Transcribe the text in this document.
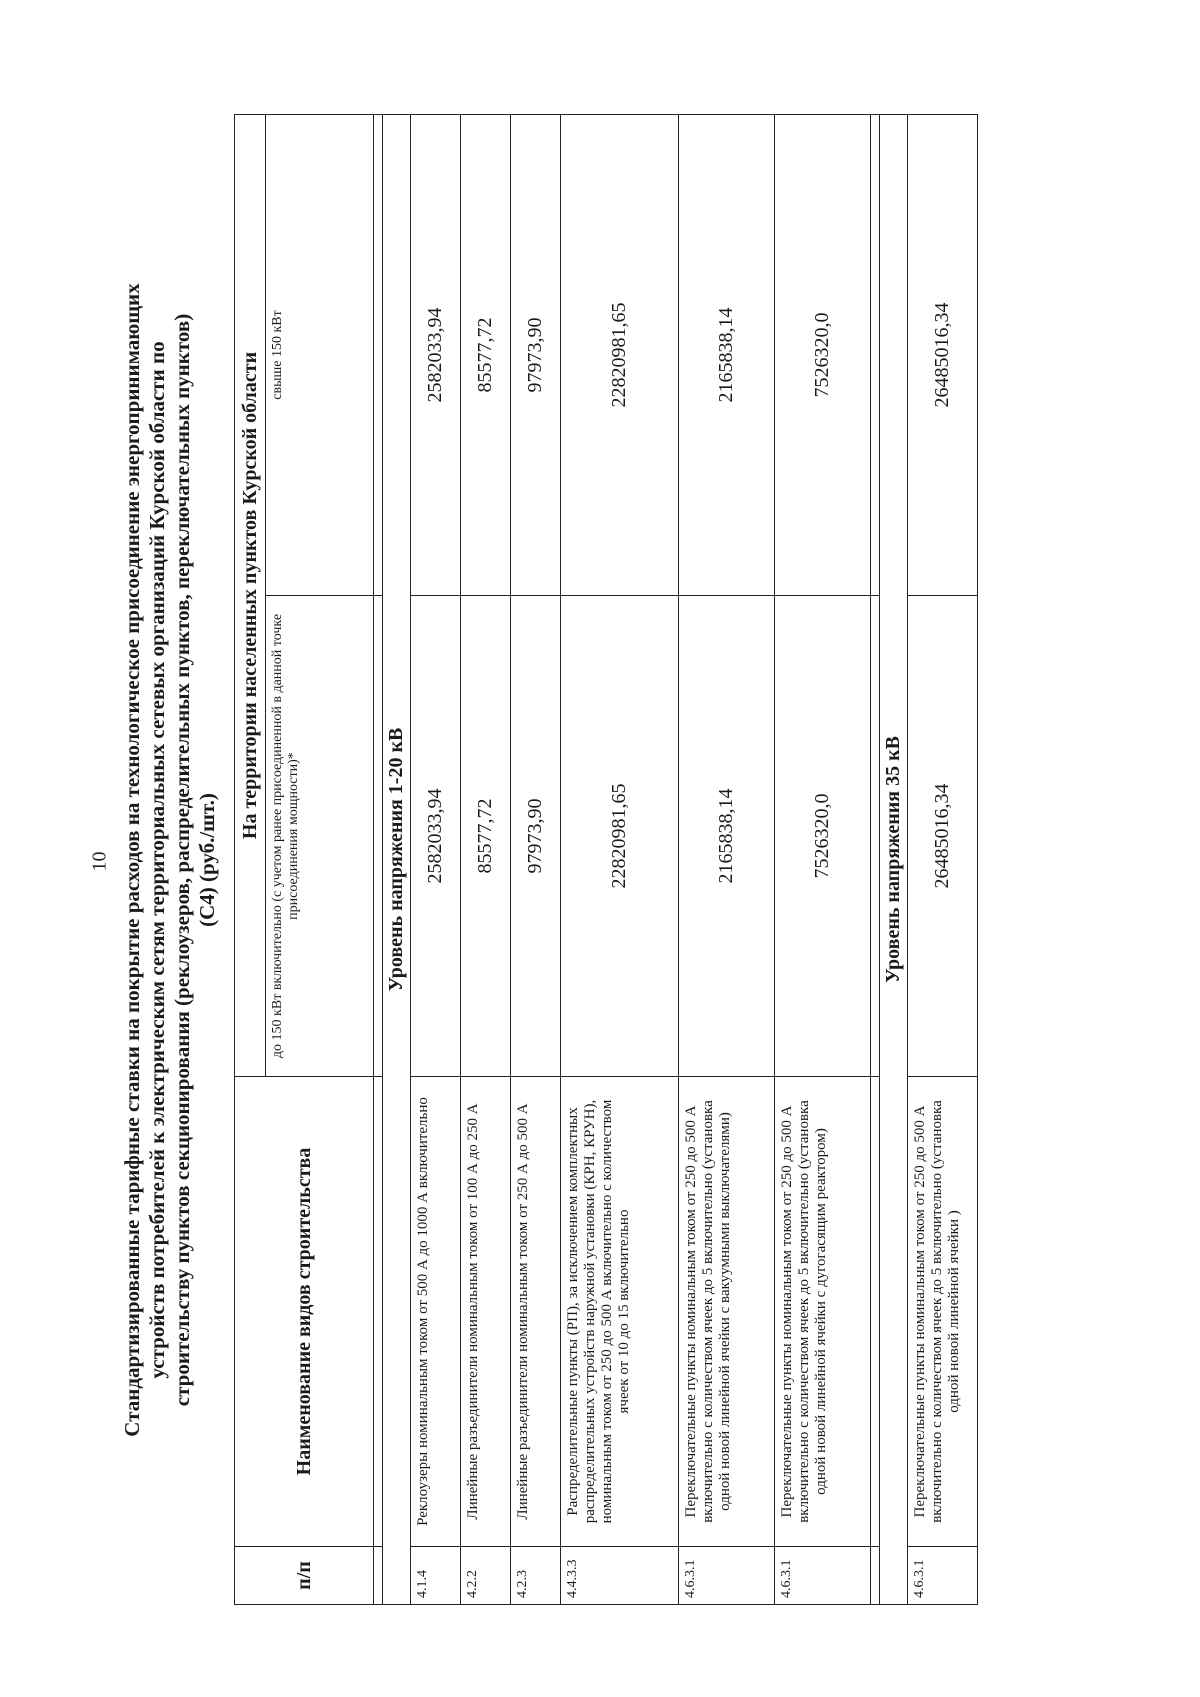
10 Стандартизированные тарифные ставки на покрытие расходов на технологическое присоединение энергопринимающих устройств потребителей к электрическим сетям территориальных сетевых организаций Курской области по строительству пунктов секционирования (реклоузеров, распределительных пунктов, переключательных пунктов) (С4) (руб./шт.)
п/п	Наименование видов строительства	На территории населенных пунктов Курской области	
		до 150 кВт включительно (с учетом ранее присоединенной в данной точке присоединения мощности)*	свыше 150 кВт

Уровень напряжения 1-20 кВ			
4.1.4	Реклоузеры номинальным током от 500 А до 1000 А включительно	2582033,94	2582033,94
4.2.2	Линейные разъединители номинальным током от 100 А до 250 А	85577,72	85577,72
4.2.3	Линейные разъединители номинальным током от 250 А до 500 А	97973,90	97973,90
4.4.3.3	Распределительные пункты (РП), за исключением комплектных распределительных устройств наружной установки (КРН, КРУН), номинальным током от 250 до 500 А включительно с количеством ячеек от 10 до 15 включительно	22820981,65	22820981,65
4.6.3.1	Переключательные пункты номинальным током от 250 до 500 А включительно с количеством ячеек до 5 включительно (установка одной новой линейной ячейки с вакуумными выключателями)	2165838,14	2165838,14
4.6.3.1	Переключательные пункты номинальным током от 250 до 500 А включительно с количеством ячеек до 5 включительно (установка одной новой линейной ячейки с дугогасящим реактором)	7526320,0	7526320,0

Уровень напряжения 35 кВ			
4.6.3.1	Переключательные пункты номинальным током от 250 до 500 А включительно с количеством ячеек до 5 включительно (установка одной новой линейной ячейки )	26485016,34	26485016,34
